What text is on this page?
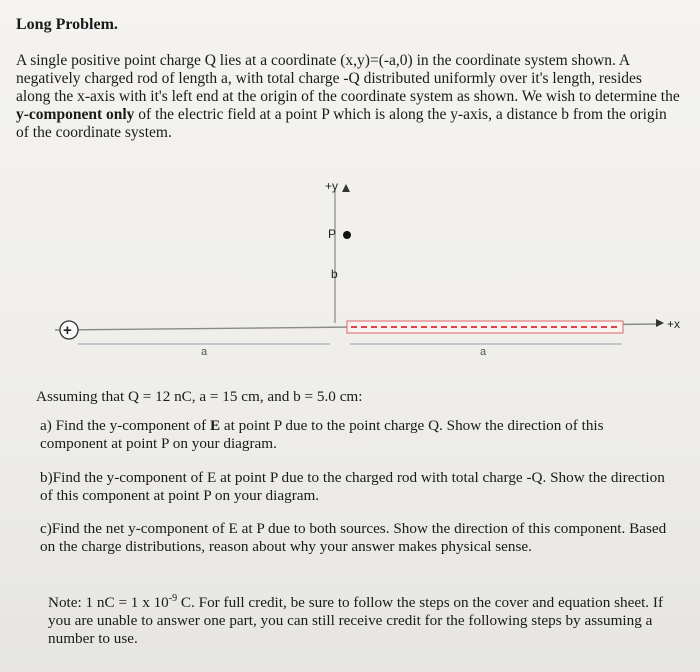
Long Problem.
A single positive point charge Q lies at a coordinate (x,y)=(-a,0) in the coordinate system shown. A negatively charged rod of length a, with total charge -Q distributed uniformly over it's length, resides along the x-axis with it's left end at the origin of the coordinate system as shown. We wish to determine the y-component only of the electric field at a point P which is along the y-axis, a distance b from the origin of the coordinate system.
+y
+x
P
b
+
a	a
Assuming that Q = 12 nC, a = 15 cm, and b = 5.0 cm:
a) Find the y-component of E at point P due to the point charge Q. Show the direction of this component at point P on your diagram.
b)Find the y-component of E at point P due to the charged rod with total charge -Q. Show the direction of this component at point P on your diagram.
c)Find the net y-component of E at P due to both sources. Show the direction of this component. Based on the charge distributions, reason about why your answer makes physical sense.
Note: 1 nC = 1 x $10^{-9}$ C. For full credit, be sure to follow the steps on the cover and equation sheet. If you are unable to answer one part, you can still receive credit for the following steps by assuming a number to use.
